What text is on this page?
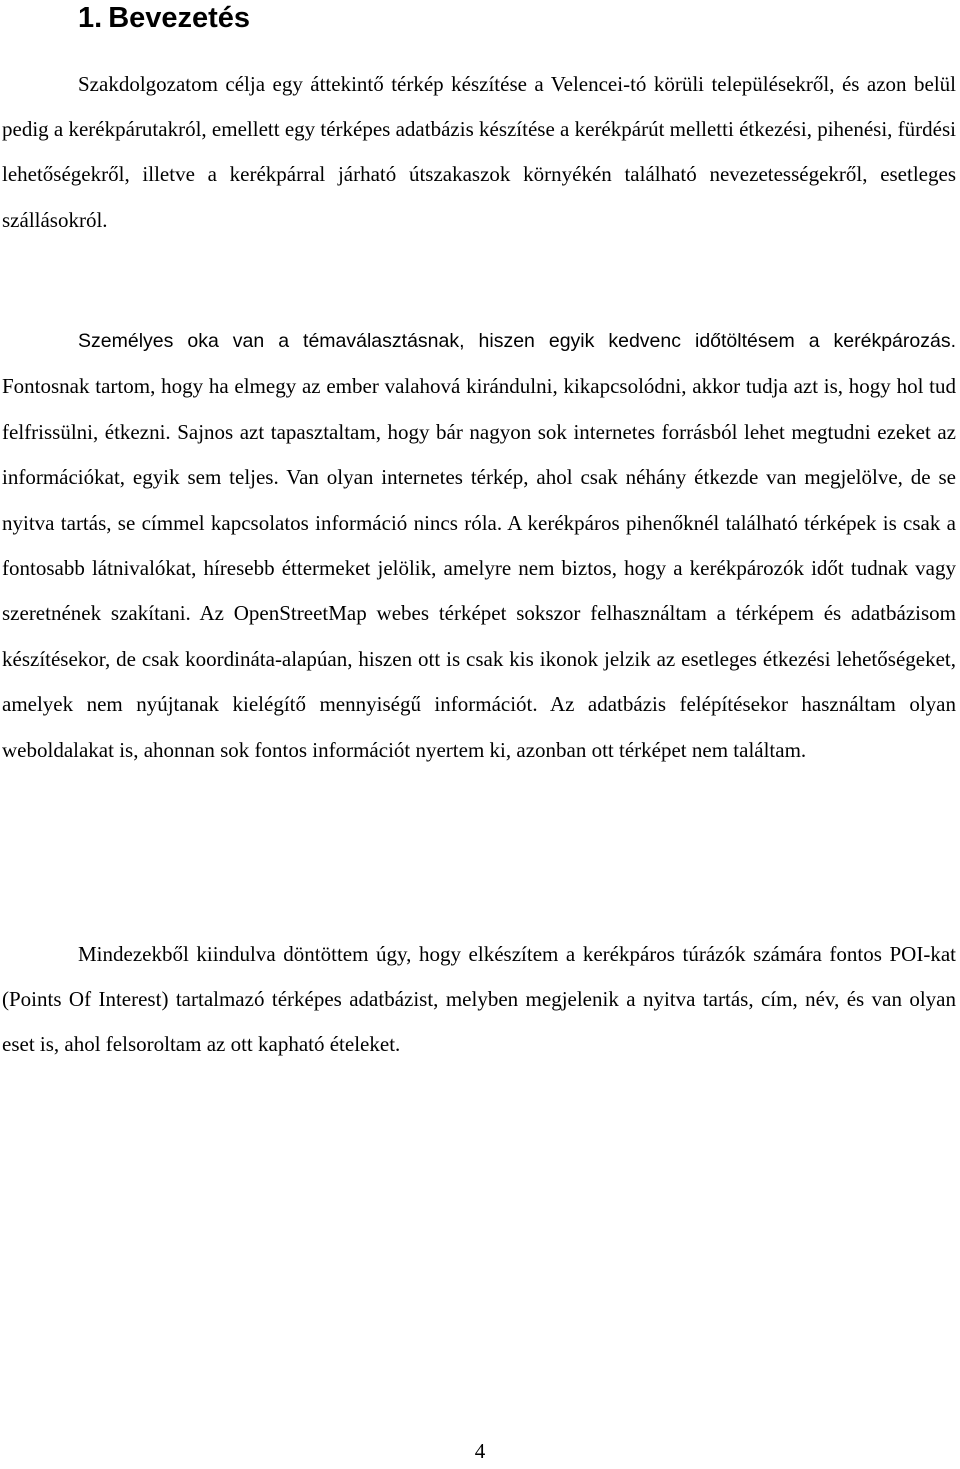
1. Bevezetés

Szakdolgozatom célja egy áttekintő térkép készítése a Velencei-tó körüli településekről, és azon belül pedig a kerékpárutakról, emellett egy térképes adatbázis készítése a kerékpárút melletti étkezési, pihenési, fürdési lehetőségekről, illetve a kerékpárral járható útszakaszok környékén található nevezetességekről, esetleges szállásokról.

Személyes oka van a témaválasztásnak, hiszen egyik kedvenc időtöltésem a kerékpározás. Fontosnak tartom, hogy ha elmegy az ember valahová kirándulni, kikapcsolódni, akkor tudja azt is, hogy hol tud felfrissülni, étkezni. Sajnos azt tapasztaltam, hogy bár nagyon sok internetes forrásból lehet megtudni ezeket az információkat, egyik sem teljes. Van olyan internetes térkép, ahol csak néhány étkezde van megjelölve, de se nyitva tartás, se címmel kapcsolatos információ nincs róla. A kerékpáros pihenőknél található térképek is csak a fontosabb látnivalókat, híresebb éttermeket jelölik, amelyre nem biztos, hogy a kerékpározók időt tudnak vagy szeretnének szakítani. Az OpenStreetMap webes térképet sokszor felhasználtam a térképem és adatbázisom készítésekor, de csak koordináta-alapúan, hiszen ott is csak kis ikonok jelzik az esetleges étkezési lehetőségeket, amelyek nem nyújtanak kielégítő mennyiségű információt. Az adatbázis felépítésekor használtam olyan weboldalakat is, ahonnan sok fontos információt nyertem ki, azonban ott térképet nem találtam.

Mindezekből kiindulva döntöttem úgy, hogy elkészítem a kerékpáros túrázók számára fontos POI-kat (Points Of Interest) tartalmazó térképes adatbázist, melyben megjelenik a nyitva tartás, cím, név, és van olyan eset is, ahol felsoroltam az ott kapható ételeket.

4
